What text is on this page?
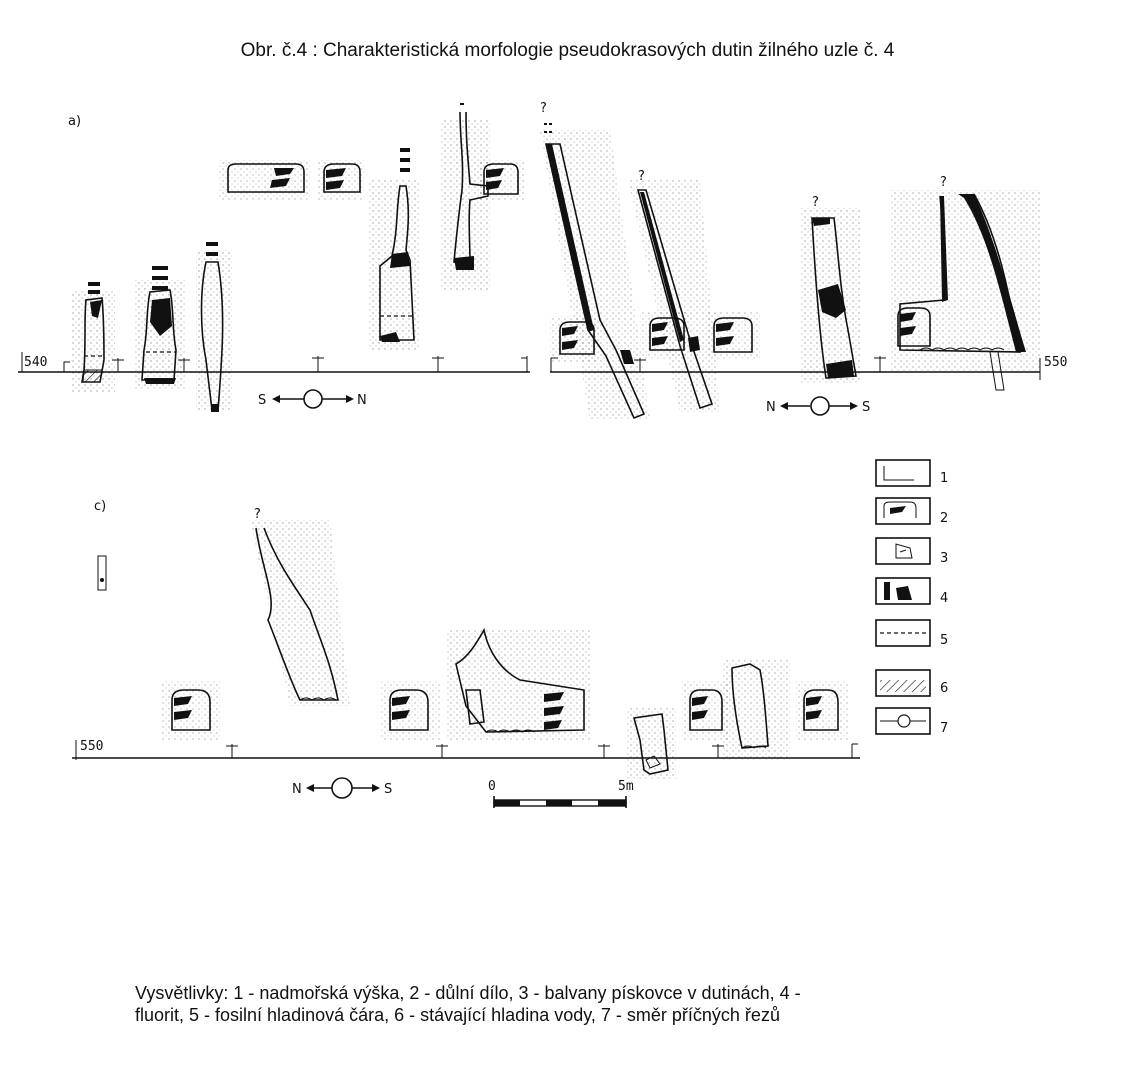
Obr. č.4 : Charakteristická morfologie pseudokrasových dutin žilného uzle č. 4
a)
540
S	N
550
?
?
?
N	S
?
c)
550
?
N	S	0	5m
1
2
3
4
5
6
7
Vysvětlivky: 1 - nadmořská výška, 2 - důlní dílo, 3 - balvany pískovce v dutinách, 4 -
fluorit, 5 - fosilní hladinová čára, 6 - stávající hladina vody, 7 - směr příčných řezů
